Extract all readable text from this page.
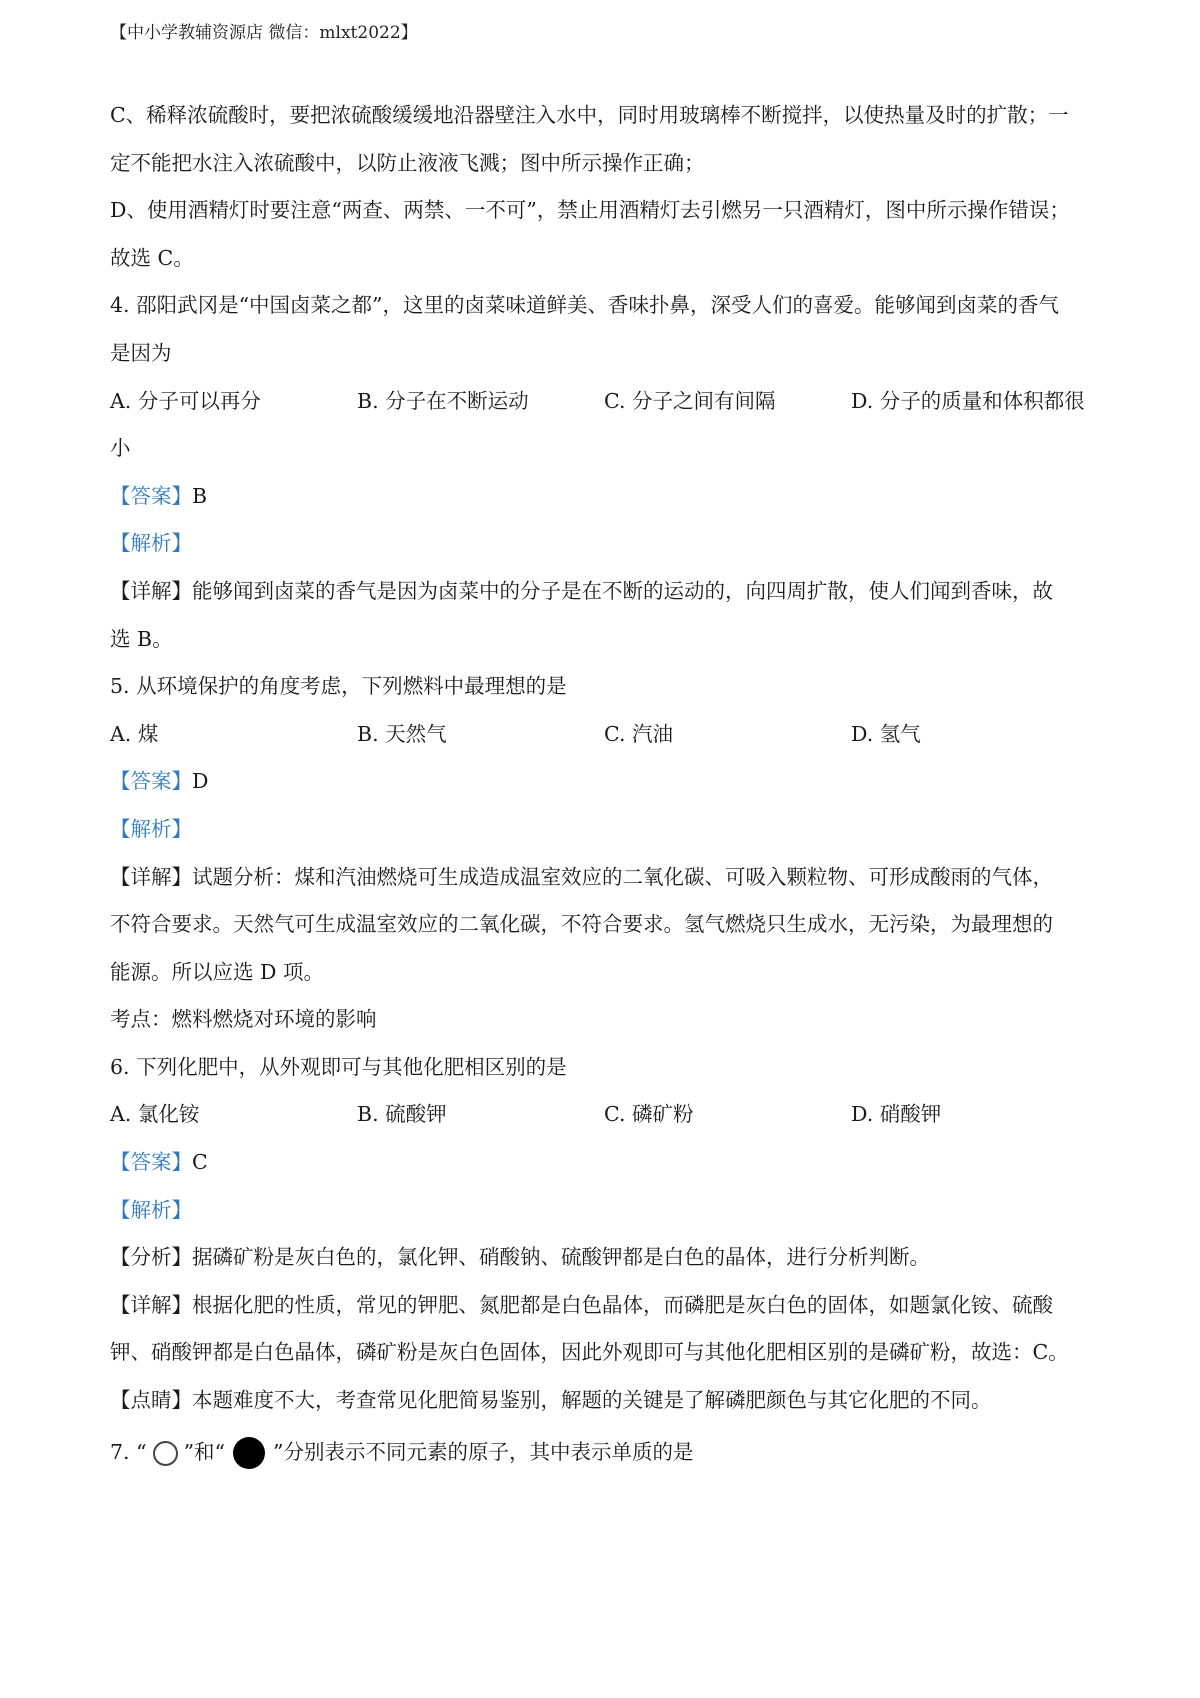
【中小学教辅资源店 微信：mlxt2022】
C、稀释浓硫酸时，要把浓硫酸缓缓地沿器壁注入水中，同时用玻璃棒不断搅拌，以使热量及时的扩散；一
定不能把水注入浓硫酸中，以防止液液飞溅；图中所示操作正确；
D、使用酒精灯时要注意“两查、两禁、一不可”，禁止用酒精灯去引燃另一只酒精灯，图中所示操作错误；
故选 C。
4. 邵阳武冈是“中国卤菜之都”，这里的卤菜味道鲜美、香味扑鼻，深受人们的喜爱。能够闻到卤菜的香气
是因为
A. 分子可以再分	B. 分子在不断运动	C. 分子之间有间隔	D. 分子的质量和体积都很
小
【答案】B
【解析】
【详解】能够闻到卤菜的香气是因为卤菜中的分子是在不断的运动的，向四周扩散，使人们闻到香味，故
选 B。
5. 从环境保护的角度考虑，下列燃料中最理想的是
A. 煤	B. 天然气	C. 汽油	D. 氢气
【答案】D
【解析】
【详解】试题分析：煤和汽油燃烧可生成造成温室效应的二氧化碳、可吸入颗粒物、可形成酸雨的气体，
不符合要求。天然气可生成温室效应的二氧化碳，不符合要求。氢气燃烧只生成水，无污染，为最理想的
能源。所以应选 D 项。
考点：燃料燃烧对环境的影响
6. 下列化肥中，从外观即可与其他化肥相区别的是
A. 氯化铵	B. 硫酸钾	C. 磷矿粉	D. 硝酸钾
【答案】C
【解析】
【分析】据磷矿粉是灰白色的，氯化钾、硝酸钠、硫酸钾都是白色的晶体，进行分析判断。
【详解】根据化肥的性质，常见的钾肥、氮肥都是白色晶体，而磷肥是灰白色的固体，如题氯化铵、硫酸
钾、硝酸钾都是白色晶体，磷矿粉是灰白色固体，因此外观即可与其他化肥相区别的是磷矿粉，故选：C。
【点睛】本题难度不大，考查常见化肥简易鉴别，解题的关键是了解磷肥颜色与其它化肥的不同。
7. “ ”和“ ”分别表示不同元素的原子，其中表示单质的是
